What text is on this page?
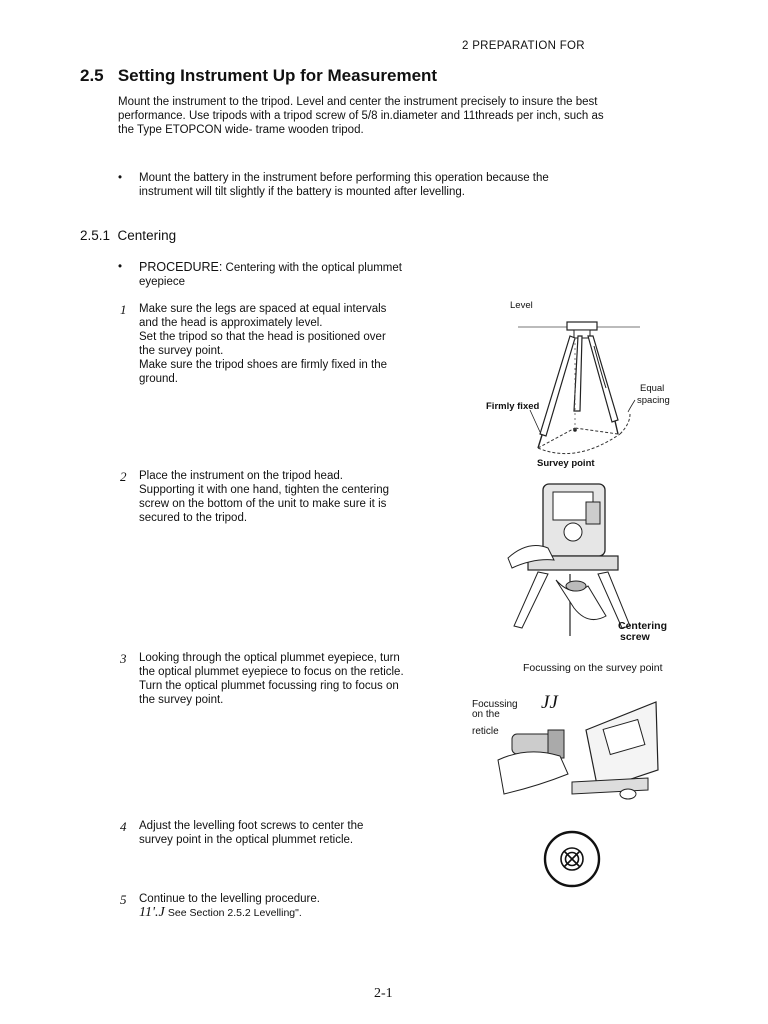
2 PREPARATION FOR
2.5 Setting Instrument Up for Measurement
Mount the instrument to the tripod. Level and center the instrument precisely to insure the best
performance. Use tripods with a tripod screw of 5/8 in.diameter and 11threads per inch, such as
the Type ETOPCON wide- trame wooden tripod.
• Mount the battery in the instrument before performing this operation because the
instrument will tilt slightly if the battery is mounted after levelling.
2.5.1 Centering
• PROCEDURE: Centering with the optical plummet
eyepiece
1 Make sure the legs are spaced at equal intervals
and the head is approximately level.
Set the tripod so that the head is positioned over
the survey point.
Make sure the tripod shoes are firmly fixed in the
ground.
2 Place the instrument on the tripod head.
Supporting it with one hand, tighten the centering
screw on the bottom of the unit to make sure it is
secured to the tripod.
3 Looking through the optical plummet eyepiece, turn
the optical plummet eyepiece to focus on the reticle.
Turn the optical plummet focussing ring to focus on
the survey point.
4 Adjust the levelling foot screws to center the
survey point in the optical plummet reticle.
5 Continue to the levelling procedure.
11'.J See Section 2.5.2 Levelling".
Level
Equal
spacing
Firmly fixed
Survey point
Centering
screw
Focussing on the survey point
JJ
Focussing
on the
reticle
2-1
